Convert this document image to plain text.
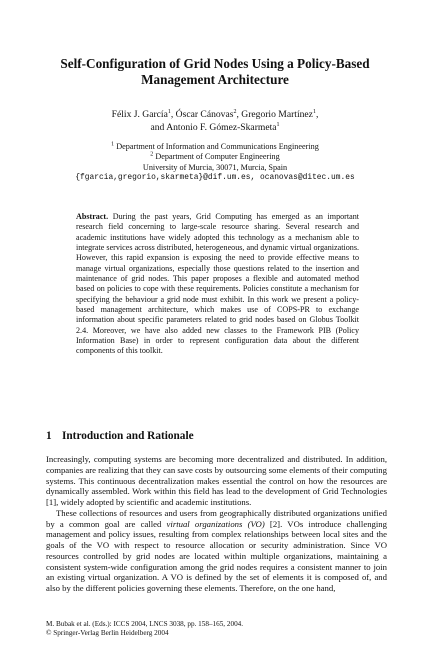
Self-Configuration of Grid Nodes Using a Policy-Based
Management Architecture
Félix J. García$^1$, Óscar Cánovas$^2$, Gregorio Martínez$^1$,
and Antonio F. Gómez-Skarmeta$^1$
$^1$ Department of Information and Communications Engineering
$^2$ Department of Computer Engineering
University of Murcia, 30071, Murcia, Spain
{fgarcia,gregorio,skarmeta}@dif.um.es, ocanovas@ditec.um.es
Abstract. During the past years, Grid Computing has emerged as an important research field concerning to large-scale resource sharing. Several research and academic institutions have widely adopted this technology as a mechanism able to integrate services across distributed, heterogeneous, and dynamic virtual organizations. However, this rapid expansion is exposing the need to provide effective means to manage virtual organizations, especially those questions related to the insertion and maintenance of grid nodes. This paper proposes a flexible and automated method based on policies to cope with these requirements. Policies constitute a mechanism for specifying the behaviour a grid node must exhibit. In this work we present a policy-based management architecture, which makes use of COPS-PR to exchange information about specific parameters related to grid nodes based on Globus Toolkit 2.4. Moreover, we have also added new classes to the Framework PIB (Policy Information Base) in order to represent configuration data about the different components of this toolkit.
1 Introduction and Rationale

Increasingly, computing systems are becoming more decentralized and distributed. In addition, companies are realizing that they can save costs by outsourcing some elements of their computing systems. This continuous decentralization makes essential the control on how the resources are dynamically assembled. Work within this field has lead to the development of Grid Technologies [1], widely adopted by scientific and academic institutions.

These collections of resources and users from geographically distributed organizations unified by a common goal are called virtual organizations (VO) [2]. VOs introduce challenging management and policy issues, resulting from complex relationships between local sites and the goals of the VO with respect to resource allocation or security administration. Since VO resources controlled by grid nodes are located within multiple organizations, maintaining a consistent system-wide configuration among the grid nodes requires a consistent manner to join an existing virtual organization. A VO is defined by the set of elements it is composed of, and also by the different policies governing these elements. Therefore, on the one hand,

M. Bubak et al. (Eds.): ICCS 2004, LNCS 3038, pp. 158–165, 2004.
© Springer-Verlag Berlin Heidelberg 2004
